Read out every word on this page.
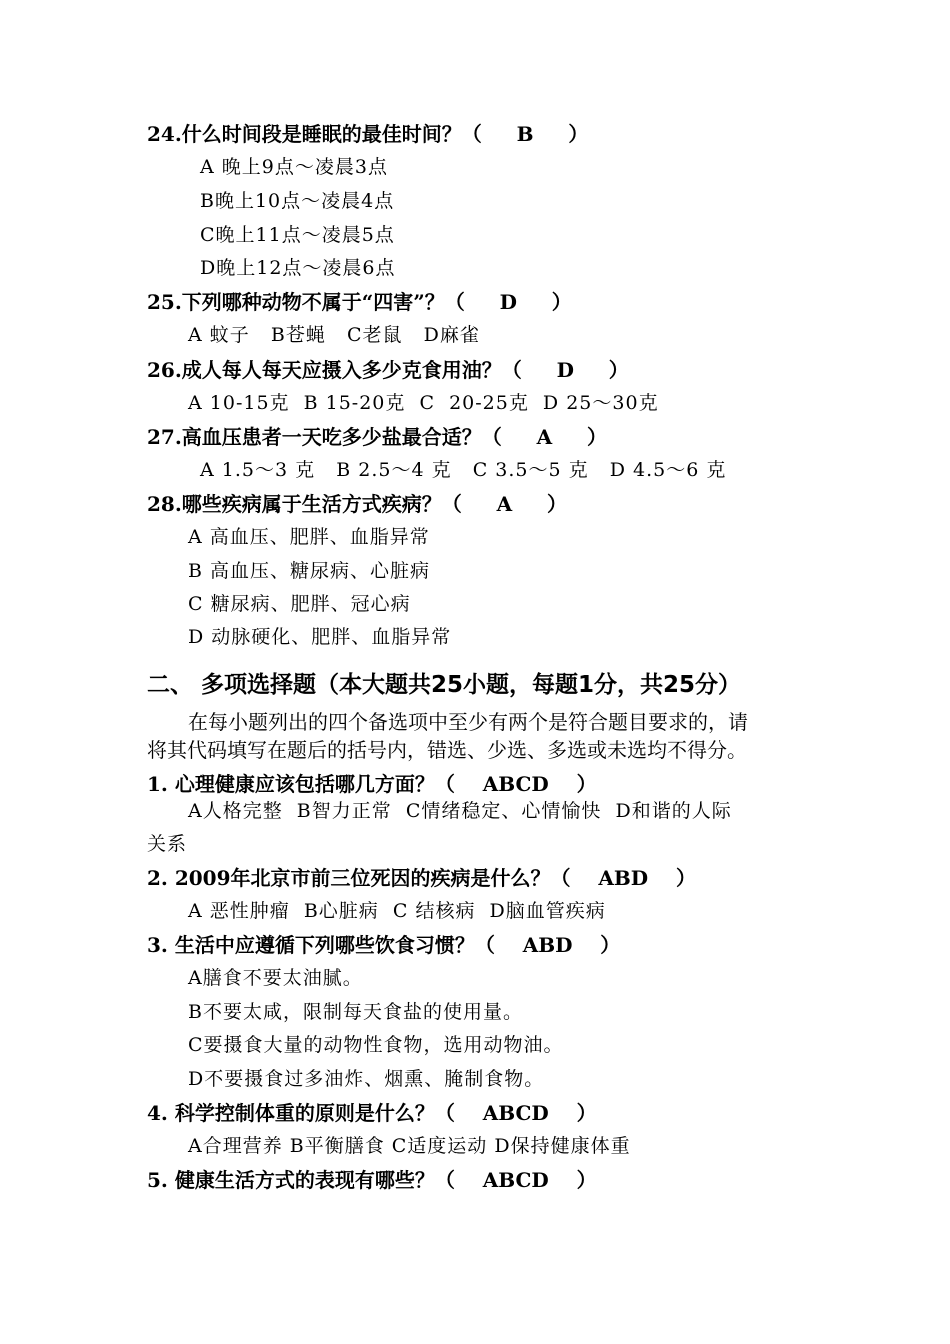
24.什么时间段是睡眠的最佳时间？（     B     ）
A 晚上9点～凌晨3点
B晚上10点～凌晨4点
C晚上11点～凌晨5点
D晚上12点～凌晨6点
25.下列哪种动物不属于“四害”？（     D     ）
A 蚊子   B苍蝇   C老鼠   D麻雀
26.成人每人每天应摄入多少克食用油？（     D     ）
A 10-15克  B 15-20克  C  20-25克  D 25～30克
27.高血压患者一天吃多少盐最合适？（     A     ）
A 1.5～3 克   B 2.5～4 克   C 3.5～5 克   D 4.5～6 克
28.哪些疾病属于生活方式疾病？（     A     ）
A 高血压、肥胖、血脂异常
B 高血压、糖尿病、心脏病
C 糖尿病、肥胖、冠心病
D 动脉硬化、肥胖、血脂异常
二、 多项选择题（本大题共25小题，每题1分，共25分）
在每小题列出的四个备选项中至少有两个是符合题目要求的，请
将其代码填写在题后的括号内，错选、少选、多选或未选均不得分。
1. 心理健康应该包括哪几方面？（    ABCD    ）
A人格完整  B智力正常  C情绪稳定、心情愉快  D和谐的人际
关系
2. 2009年北京市前三位死因的疾病是什么？（    ABD    ）
A 恶性肿瘤  B心脏病  C 结核病  D脑血管疾病
3. 生活中应遵循下列哪些饮食习惯？（    ABD    ）
A膳食不要太油腻。
B不要太咸，限制每天食盐的使用量。
C要摄食大量的动物性食物，选用动物油。
D不要摄食过多油炸、烟熏、腌制食物。
4. 科学控制体重的原则是什么？（    ABCD    ）
A合理营养 B平衡膳食 C适度运动 D保持健康体重
5. 健康生活方式的表现有哪些？（    ABCD    ）
